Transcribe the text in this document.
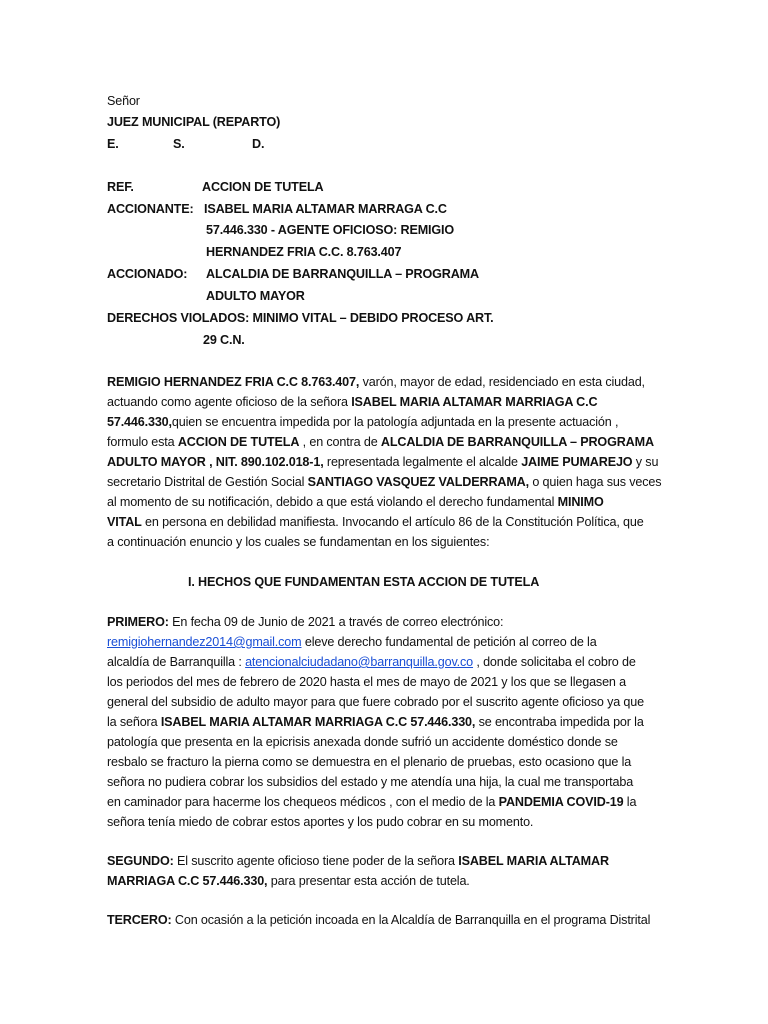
Señor
JUEZ MUNICIPAL (REPARTO)
E.	S.	D.
REF.	ACCION DE TUTELA
ACCIONANTE: ISABEL MARIA ALTAMAR MARRAGA C.C
57.446.330 - AGENTE OFICIOSO: REMIGIO
HERNANDEZ FRIA C.C. 8.763.407
ACCIONADO: ALCALDIA DE BARRANQUILLA – PROGRAMA
ADULTO MAYOR
DERECHOS VIOLADOS: MINIMO VITAL – DEBIDO PROCESO ART.
29 C.N.
REMIGIO HERNANDEZ FRIA C.C 8.763.407, varón, mayor de edad, residenciado en esta ciudad,
actuando como agente oficioso de la señora ISABEL MARIA ALTAMAR MARRIAGA C.C
57.446.330,quien se encuentra impedida por la patología adjuntada en la presente actuación ,
formulo esta ACCION DE TUTELA , en contra de ALCALDIA DE BARRANQUILLA – PROGRAMA
ADULTO MAYOR , NIT. 890.102.018-1, representada legalmente el alcalde JAIME PUMAREJO y su
secretario Distrital de Gestión Social SANTIAGO VASQUEZ VALDERRAMA, o quien haga sus veces
al momento de su notificación, debido a que está violando el derecho fundamental MINIMO
VITAL en persona en debilidad manifiesta. Invocando el artículo 86 de la Constitución Política, que
a continuación enuncio y los cuales se fundamentan en los siguientes:
I. HECHOS QUE FUNDAMENTAN ESTA ACCION DE TUTELA
PRIMERO: En fecha 09 de Junio de 2021 a través de correo electrónico:
remigiohernandez2014@gmail.com eleve derecho fundamental de petición al correo de la
alcaldía de Barranquilla : atencionalciudadano@barranquilla.gov.co , donde solicitaba el cobro de
los periodos del mes de febrero de 2020 hasta el mes de mayo de 2021 y los que se llegasen a
general del subsidio de adulto mayor para que fuere cobrado por el suscrito agente oficioso ya que
la señora ISABEL MARIA ALTAMAR MARRIAGA C.C 57.446.330, se encontraba impedida por la
patología que presenta en la epicrisis anexada donde sufrió un accidente doméstico donde se
resbalo se fracturo la pierna como se demuestra en el plenario de pruebas, esto ocasiono que la
señora no pudiera cobrar los subsidios del estado y me atendía una hija, la cual me transportaba
en caminador para hacerme los chequeos médicos , con el medio de la PANDEMIA COVID-19 la
señora tenía miedo de cobrar estos aportes y los pudo cobrar en su momento.
SEGUNDO: El suscrito agente oficioso tiene poder de la señora ISABEL MARIA ALTAMAR
MARRIAGA C.C 57.446.330, para presentar esta acción de tutela.
TERCERO: Con ocasión a la petición incoada en la Alcaldía de Barranquilla en el programa Distrital
